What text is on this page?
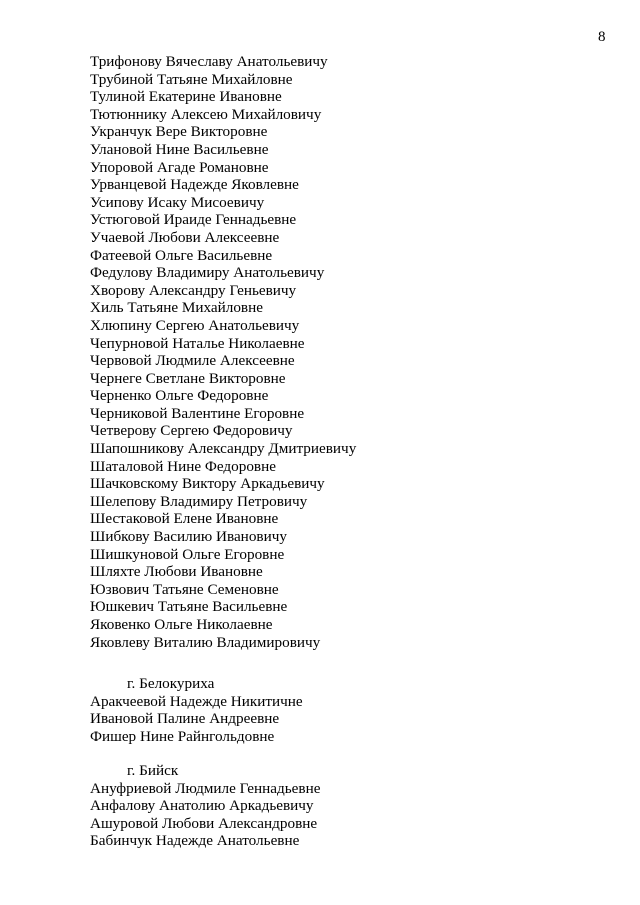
8
Трифонову Вячеславу Анатольевичу
Трубиной Татьяне Михайловне
Тулиной Екатерине Ивановне
Тютюннику Алексею Михайловичу
Укранчук Вере Викторовне
Улановой Нине Васильевне
Упоровой Агаде Романовне
Урванцевой Надежде Яковлевне
Усипову Исаку Мисоевичу
Устюговой Ираиде Геннадьевне
Учаевой Любови Алексеевне
Фатеевой Ольге Васильевне
Федулову Владимиру Анатольевичу
Хворову Александру Геньевичу
Хиль Татьяне Михайловне
Хлюпину Сергею Анатольевичу
Чепурновой Наталье Николаевне
Червовой Людмиле Алексеевне
Чернеге Светлане Викторовне
Черненко Ольге Федоровне
Черниковой Валентине Егоровне
Четверову Сергею Федоровичу
Шапошникову Александру Дмитриевичу
Шаталовой Нине Федоровне
Шачковскому Виктору Аркадьевичу
Шелепову Владимиру Петровичу
Шестаковой Елене Ивановне
Шибкову Василию Ивановичу
Шишкуновой Ольге Егоровне
Шляхте Любови Ивановне
Юзвович Татьяне Семеновне
Юшкевич Татьяне Васильевне
Яковенко Ольге Николаевне
Яковлеву Виталию Владимировичу
г. Белокуриха
Аракчеевой Надежде Никитичне
Ивановой Палине Андреевне
Фишер Нине Райнгольдовне
г. Бийск
Ануфриевой Людмиле Геннадьевне
Анфалову Анатолию Аркадьевичу
Ашуровой Любови Александровне
Бабинчук Надежде Анатольевне
